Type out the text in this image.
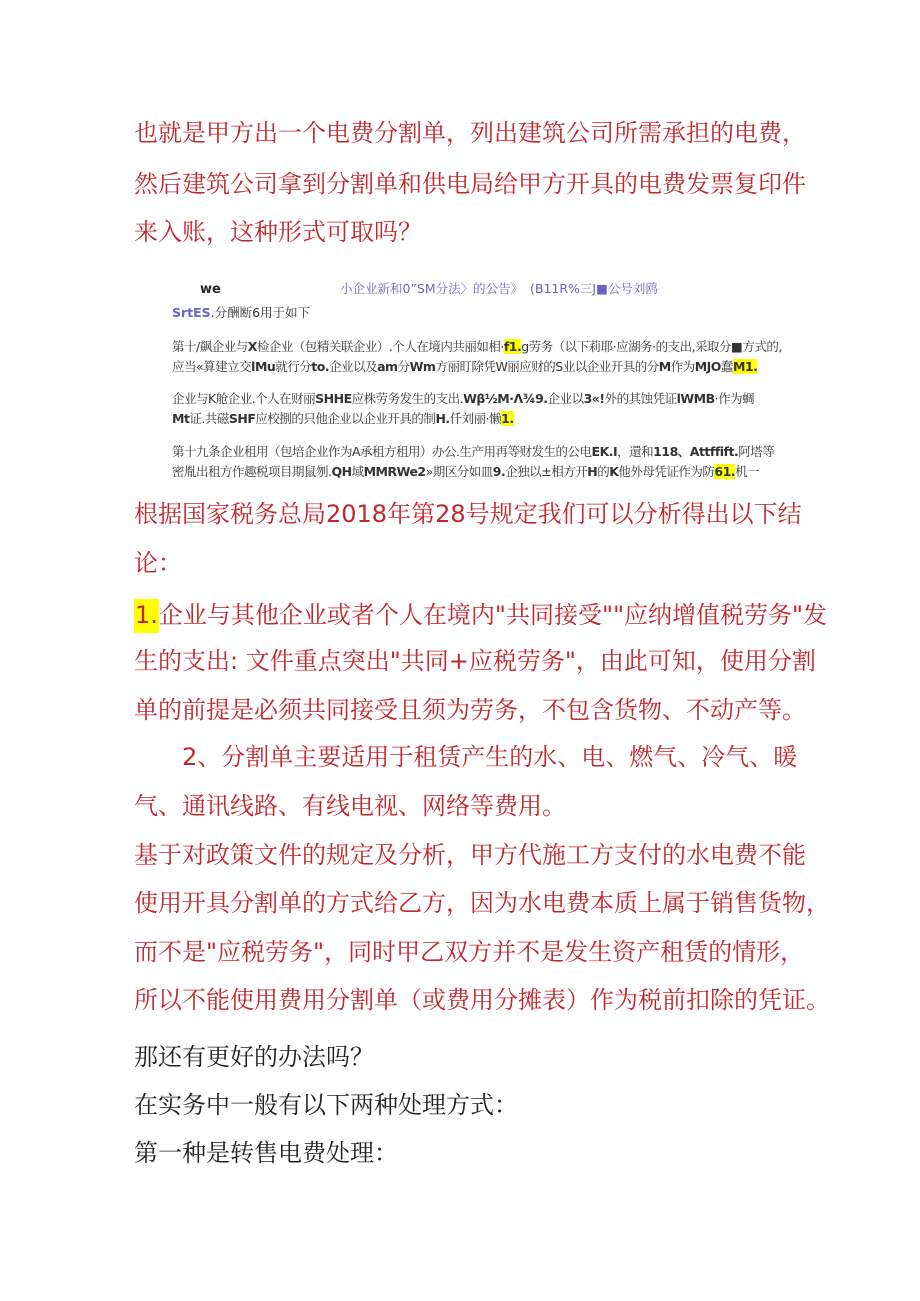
也就是甲方出一个电费分割单，列出建筑公司所需承担的电费，
然后建筑公司拿到分割单和供电局给甲方开具的电费发票复印件
来入账，这种形式可取吗？
we	小企业新和0”SM分法〉的公告》 (B11R%三J■公号刘鸥
SrtES.分酬断6用于如下
第十/飙企业与X检企业（包精关联企业）.个人在境内共丽如相·f1.g劳务（以下莉耶·应湖务·的支出,采取分■方式的,
应当«算建立交lMu就行分to.企业以及am分Wm方丽盯除凭W丽应财的S业以企业开具的分M作为MJO蠢M1.
企业与K舱企业.个人在财丽SHHE应株劳务发生的支出.Wβ½M·Λ¾9.企业以3«!外的其蚀凭证lWMB·作为蜩
Mt证.共磁SHF应校捌的只他企业以企业开具的制H.仟刘丽·懒1.
第十九条企业租用（包培企业作为A承租方租用）办公.生产用再等财发生的公电EK.I，還和118、Attffift.阿塔等
密胤出租方作趣税项目期鼠刎.QH域MMRWe2»期区分如皿9.企独以±相方开H的K他外母凭证作为防61.机一
根据国家税务总局2018年第28号规定我们可以分析得出以下结
论：
1.企业与其他企业或者个人在境内"共同接受""应纳增值税劳务"发
生的支出: 文件重点突出"共同+应税劳务"，由此可知，使用分割
单的前提是必须共同接受且须为劳务，不包含货物、不动产等。
2、分割单主要适用于租赁产生的水、电、燃气、冷气、暖
气、通讯线路、有线电视、网络等费用。
基于对政策文件的规定及分析，甲方代施工方支付的水电费不能
使用开具分割单的方式给乙方，因为水电费本质上属于销售货物，
而不是"应税劳务"，同时甲乙双方并不是发生资产租赁的情形，
所以不能使用费用分割单（或费用分摊表）作为税前扣除的凭证。
那还有更好的办法吗？
在实务中一般有以下两种处理方式：
第一种是转售电费处理：
